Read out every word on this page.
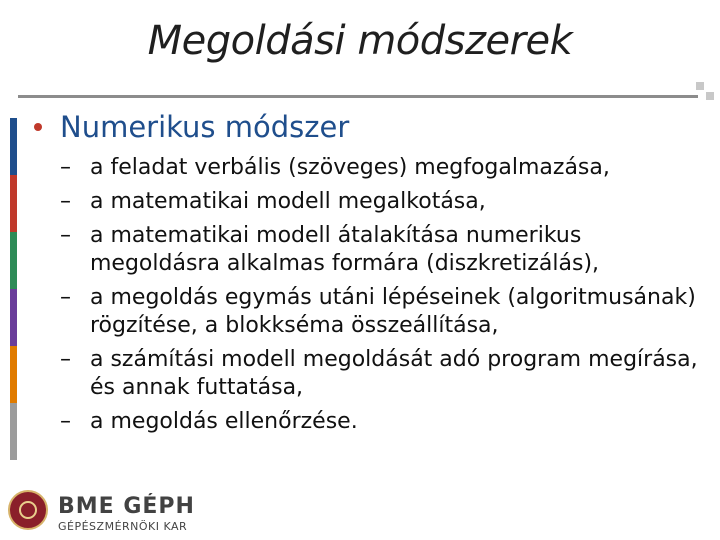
Megoldási módszerek
Numerikus módszer
– a feladat verbális (szöveges) megfogalmazása,
– a matematikai modell megalkotása,
– a matematikai modell átalakítása numerikus megoldásra alkalmas formára (diszkretizálás),
– a megoldás egymás utáni lépéseinek (algoritmusának) rögzítése, a blokkséma összeállítása,
– a számítási modell megoldását adó program megírása, és annak futtatása,
– a megoldás ellenőrzése.
BME GÉPH
GÉPÉSZMÉRNÖKI KAR
